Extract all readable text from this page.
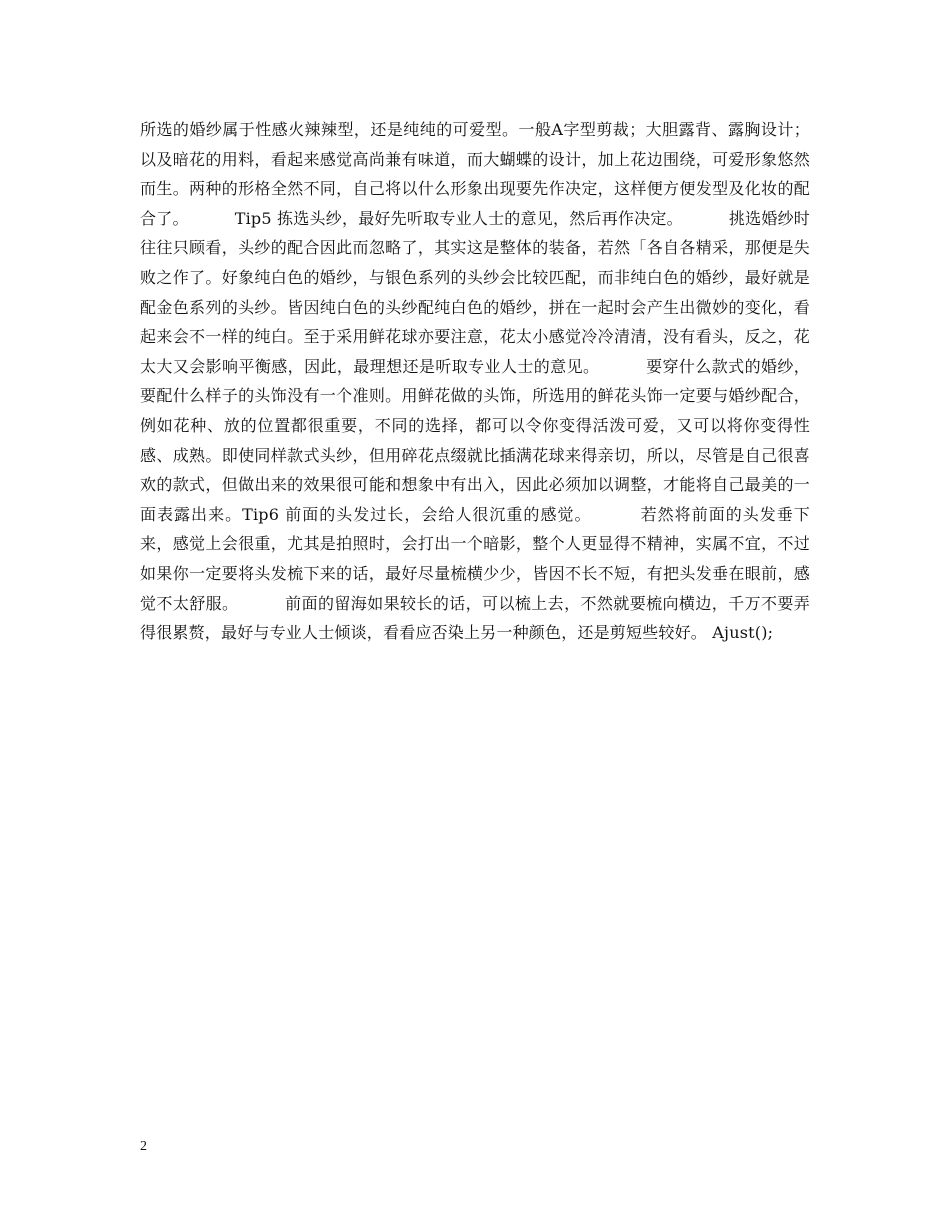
所选的婚纱属于性感火辣辣型，还是纯纯的可爱型。一般A字型剪裁；大胆露背、露胸设计；以及暗花的用料，看起来感觉高尚兼有味道，而大蝴蝶的设计，加上花边围绕，可爱形象悠然而生。两种的形格全然不同，自己将以什么形象出现要先作决定，这样便方便发型及化妆的配合了。　　　 Tip5 拣选头纱，最好先听取专业人士的意见，然后再作决定。　　　 挑选婚纱时往往只顾看，头纱的配合因此而忽略了，其实这是整体的装备，若然「各自各精采，那便是失败之作了。好象纯白色的婚纱，与银色系列的头纱会比较匹配，而非纯白色的婚纱，最好就是配金色系列的头纱。皆因纯白色的头纱配纯白色的婚纱，拼在一起时会产生出微妙的变化，看起来会不一样的纯白。至于采用鲜花球亦要注意，花太小感觉冷冷清清，没有看头，反之，花太大又会影响平衡感，因此，最理想还是听取专业人士的意见。　　　 要穿什么款式的婚纱，要配什么样子的头饰没有一个准则。用鲜花做的头饰，所选用的鲜花头饰一定要与婚纱配合，例如花种、放的位置都很重要，不同的选择，都可以令你变得活泼可爱，又可以将你变得性感、成熟。即使同样款式头纱，但用碎花点缀就比插满花球来得亲切，所以，尽管是自己很喜欢的款式，但做出来的效果很可能和想象中有出入，因此必须加以调整，才能将自己最美的一面表露出来。Tip6 前面的头发过长，会给人很沉重的感觉。　　　 若然将前面的头发垂下来，感觉上会很重，尤其是拍照时，会打出一个暗影，整个人更显得不精神，实属不宜，不过如果你一定要将头发梳下来的话，最好尽量梳横少少，皆因不长不短，有把头发垂在眼前，感觉不太舒服。　　　 前面的留海如果较长的话，可以梳上去，不然就要梳向横边，千万不要弄得很累赘，最好与专业人士倾谈，看看应否染上另一种颜色，还是剪短些较好。 Ajust();

2
